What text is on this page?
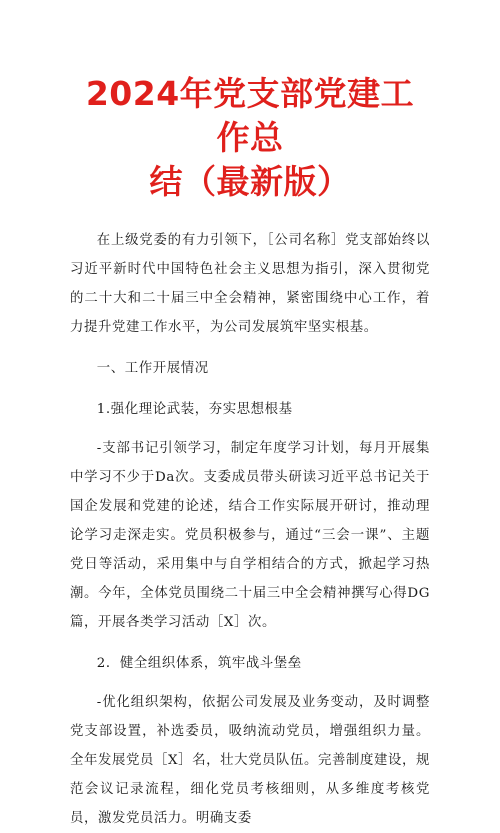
2024年党支部党建工作总
结（最新版）

在上级党委的有力引领下，［公司名称］党支部始终以习近平新时代中国特色社会主义思想为指引，深入贯彻党的二十大和二十届三中全会精神，紧密围绕中心工作，着力提升党建工作水平，为公司发展筑牢坚实根基。

一、工作开展情况

1.强化理论武装，夯实思想根基

-支部书记引领学习，制定年度学习计划，每月开展集中学习不少于Da次。支委成员带头研读习近平总书记关于国企发展和党建的论述，结合工作实际展开研讨，推动理论学习走深走实。党员积极参与，通过“三会一课”、主题党日等活动，采用集中与自学相结合的方式，掀起学习热潮。今年，全体党员围绕二十届三中全会精神撰写心得DG篇，开展各类学习活动［X］次。

2．健全组织体系，筑牢战斗堡垒

-优化组织架构，依据公司发展及业务变动，及时调整党支部设置，补选委员，吸纳流动党员，增强组织力量。全年发展党员［X］名，壮大党员队伍。完善制度建设，规范会议记录流程，细化党员考核细则，从多维度考核党员，激发党员活力。明确支委
